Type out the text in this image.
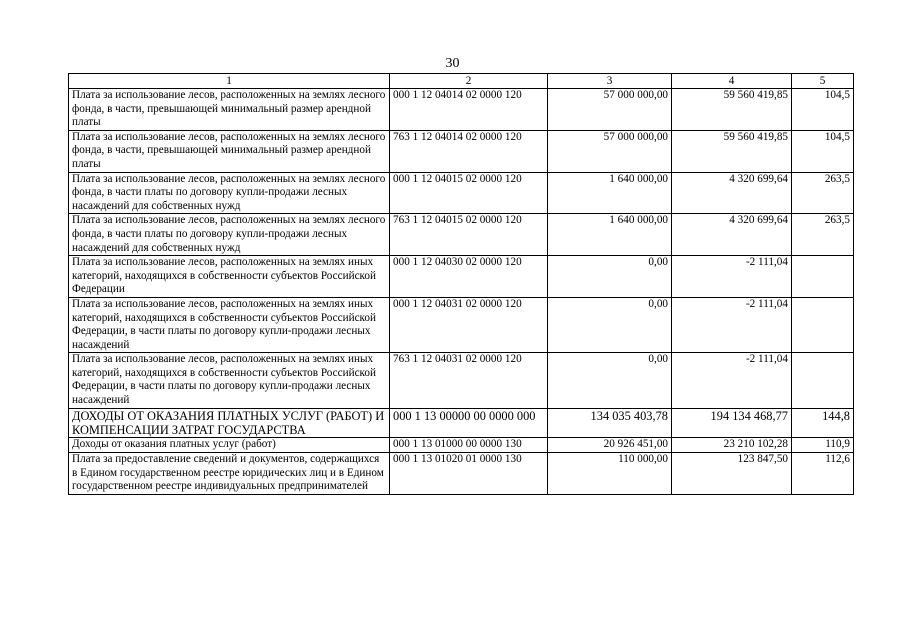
30
1	2	3	4	5
Плата за использование лесов, расположенных на землях лесного фонда, в части, превышающей минимальный размер арендной платы	000 1 12 04014 02 0000 120	57 000 000,00	59 560 419,85	104,5
Плата за использование лесов, расположенных на землях лесного фонда, в части, превышающей минимальный размер арендной платы	763 1 12 04014 02 0000 120	57 000 000,00	59 560 419,85	104,5
Плата за использование лесов, расположенных на землях лесного фонда, в части платы по договору купли-продажи лесных насаждений для собственных нужд	000 1 12 04015 02 0000 120	1 640 000,00	4 320 699,64	263,5
Плата за использование лесов, расположенных на землях лесного фонда, в части платы по договору купли-продажи лесных насаждений для собственных нужд	763 1 12 04015 02 0000 120	1 640 000,00	4 320 699,64	263,5
Плата за использование лесов, расположенных на землях иных категорий, находящихся в собственности субъектов Российской Федерации	000 1 12 04030 02 0000 120	0,00	-2 111,04	
Плата за использование лесов, расположенных на землях иных категорий, находящихся в собственности субъектов Российской Федерации, в части платы по договору купли-продажи лесных насаждений	000 1 12 04031 02 0000 120	0,00	-2 111,04	
Плата за использование лесов, расположенных на землях иных категорий, находящихся в собственности субъектов Российской Федерации, в части платы по договору купли-продажи лесных насаждений	763 1 12 04031 02 0000 120	0,00	-2 111,04	
ДОХОДЫ ОТ ОКАЗАНИЯ ПЛАТНЫХ УСЛУГ (РАБОТ) И КОМПЕНСАЦИИ ЗАТРАТ ГОСУДАРСТВА	000 1 13 00000 00 0000 000	134 035 403,78	194 134 468,77	144,8
Доходы от оказания платных услуг (работ)	000 1 13 01000 00 0000 130	20 926 451,00	23 210 102,28	110,9
Плата за предоставление сведений и документов, содержащихся в Едином государственном реестре юридических лиц и в Едином государственном реестре индивидуальных предпринимателей	000 1 13 01020 01 0000 130	110 000,00	123 847,50	112,6
